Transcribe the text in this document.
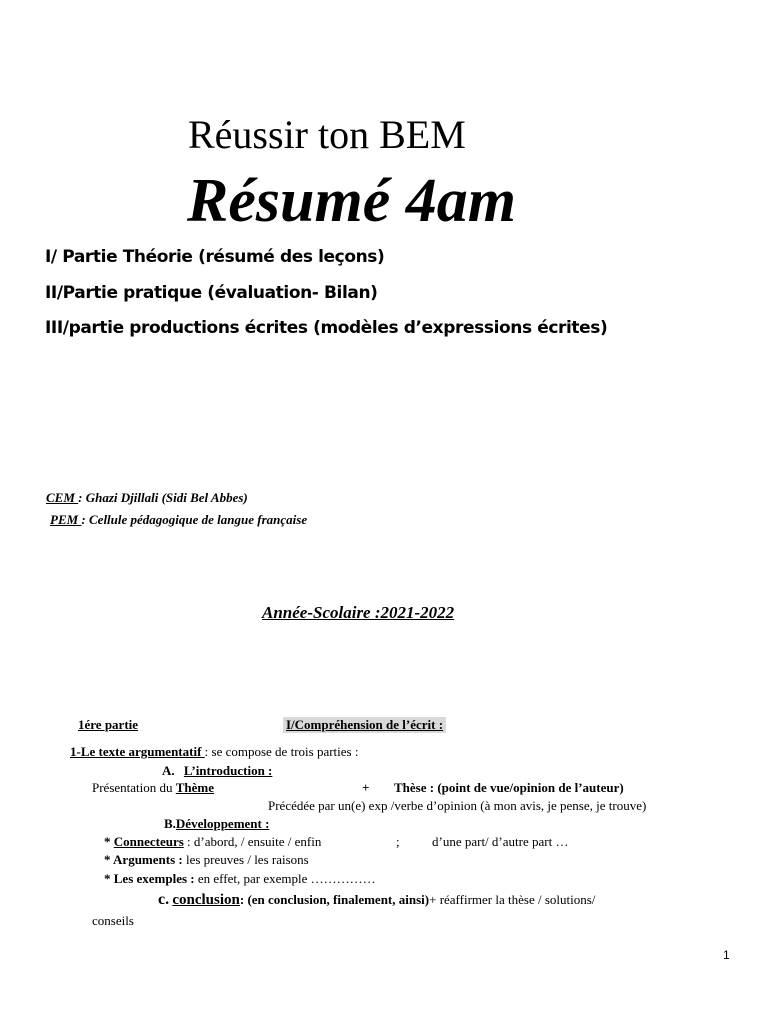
Réussir ton BEM
Résumé 4am
I/ Partie Théorie (résumé des leçons)
II/Partie pratique (évaluation- Bilan)
III/partie productions écrites (modèles d’expressions écrites)
CEM : Ghazi Djillali (Sidi Bel Abbes)
PEM : Cellule pédagogique de langue française
Année-Scolaire :2021-2022
1ére partie	I/Compréhension de l’écrit :
1-Le texte argumentatif : se compose de trois parties :
A. L’introduction :
Présentation du Thème	+ Thèse : (point de vue/opinion de l’auteur)
Précédée par un(e) exp /verbe d’opinion (à mon avis, je pense, je trouve)
B.Développement :
* Connecteurs : d’abord, / ensuite / enfin	; d’une part/ d’autre part …
* Arguments : les preuves / les raisons
* Les exemples : en effet, par exemple ……………
c. conclusion: (en conclusion, finalement, ainsi)+ réaffirmer la thèse / solutions/
conseils
1
